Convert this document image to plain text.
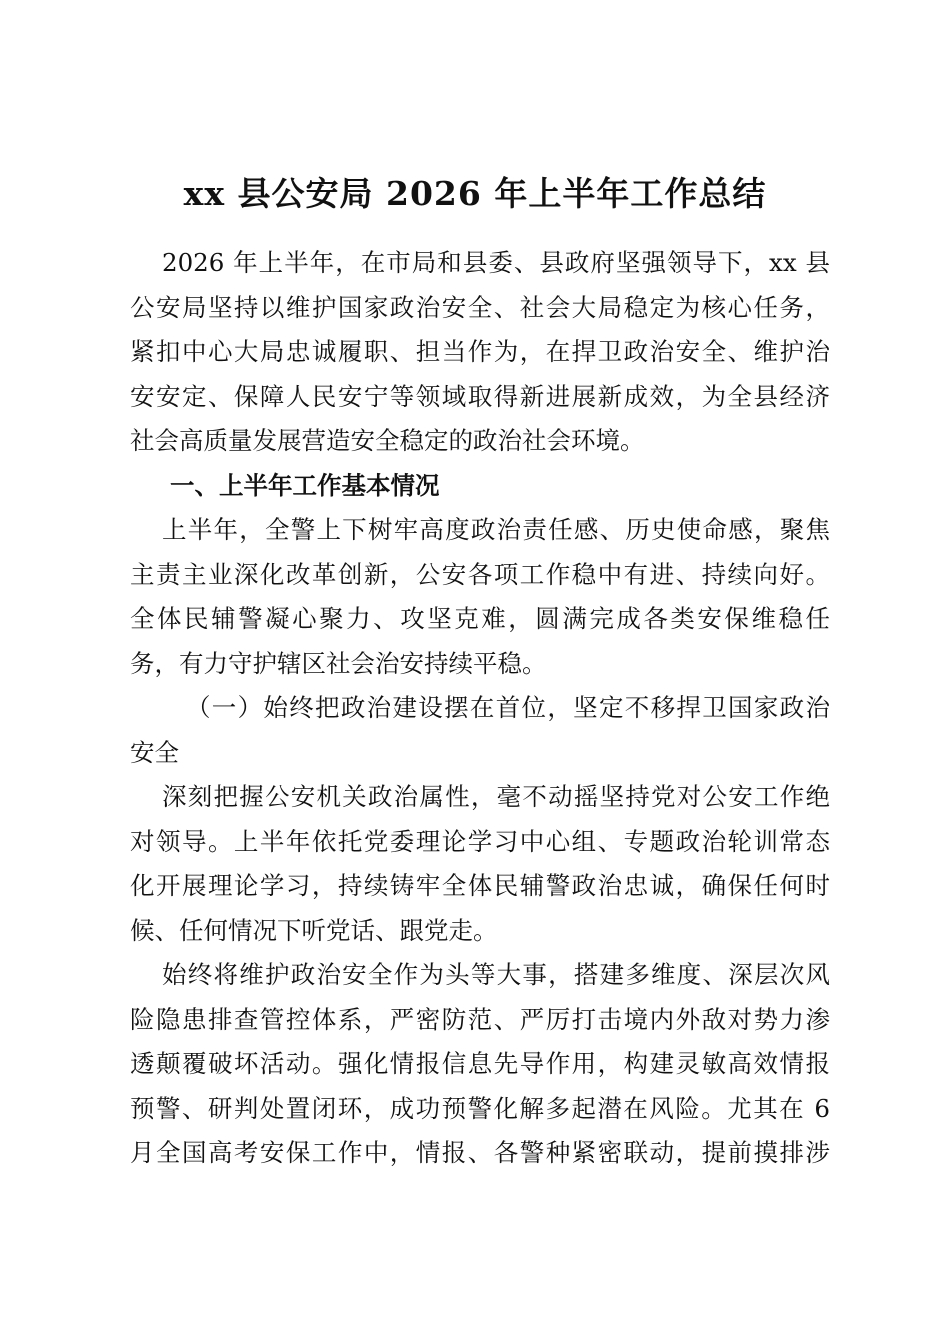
xx 县公安局 2026 年上半年工作总结
2026 年上半年，在市局和县委、县政府坚强领导下，xx 县
公安局坚持以维护国家政治安全、社会大局稳定为核心任务，
紧扣中心大局忠诚履职、担当作为，在捍卫政治安全、维护治
安安定、保障人民安宁等领域取得新进展新成效，为全县经济
社会高质量发展营造安全稳定的政治社会环境。
一、上半年工作基本情况
上半年，全警上下树牢高度政治责任感、历史使命感，聚焦
主责主业深化改革创新，公安各项工作稳中有进、持续向好。
全体民辅警凝心聚力、攻坚克难，圆满完成各类安保维稳任
务，有力守护辖区社会治安持续平稳。
（一）始终把政治建设摆在首位，坚定不移捍卫国家政治
安全
深刻把握公安机关政治属性，毫不动摇坚持党对公安工作绝
对领导。上半年依托党委理论学习中心组、专题政治轮训常态
化开展理论学习，持续铸牢全体民辅警政治忠诚，确保任何时
候、任何情况下听党话、跟党走。
始终将维护政治安全作为头等大事，搭建多维度、深层次风
险隐患排查管控体系，严密防范、严厉打击境内外敌对势力渗
透颠覆破坏活动。强化情报信息先导作用，构建灵敏高效情报
预警、研判处置闭环，成功预警化解多起潜在风险。尤其在 6
月全国高考安保工作中，情报、各警种紧密联动，提前摸排涉
